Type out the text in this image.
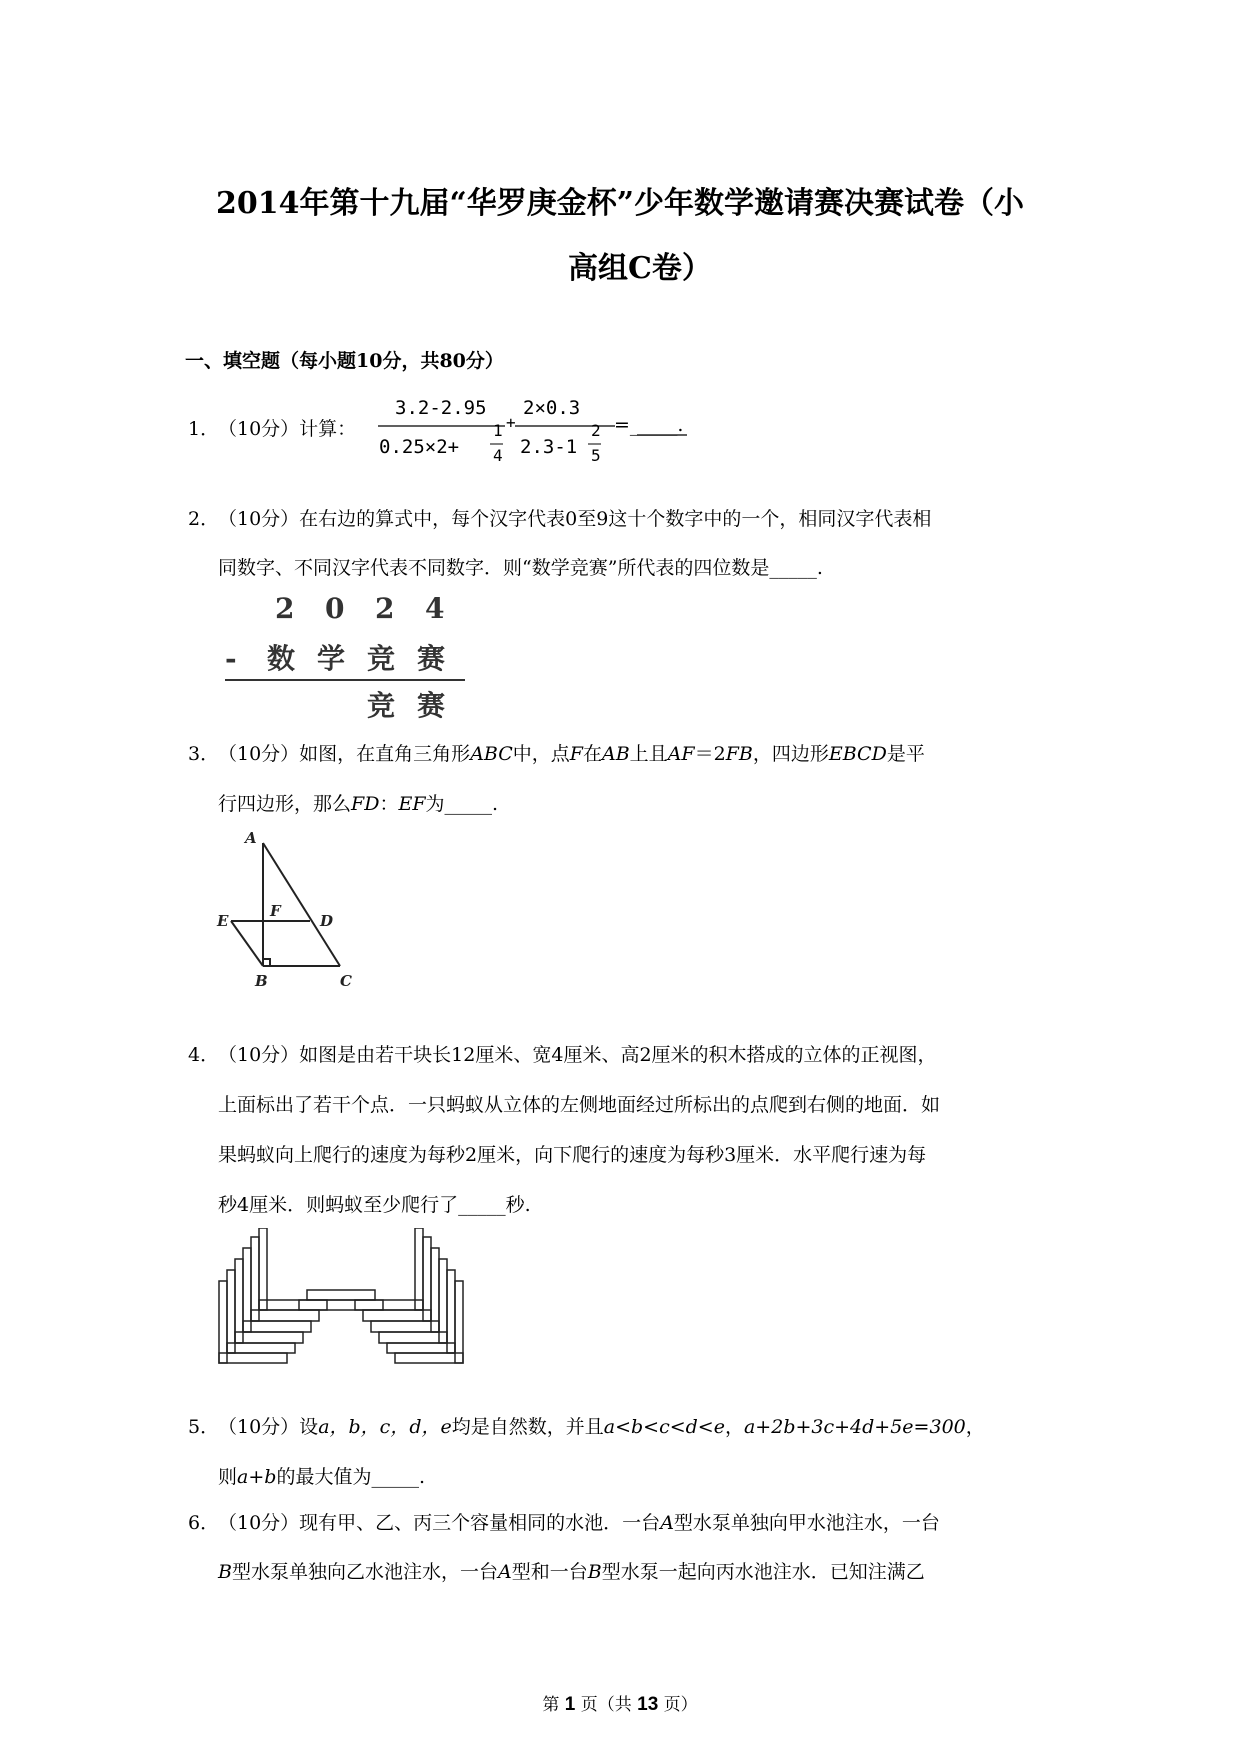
2014年第十九届“华罗庚金杯”少年数学邀请赛决赛试卷（小
高组C卷）
一、填空题（每小题10分，共80分）
1．
（10分）计算：
3.2-2.95
0.25×2+
1
4
+
2×0.3
2.3-1
2
5
=_____.
2．
（10分）在右边的算式中，每个汉字代表0至9这十个数字中的一个，相同汉字代表相
同数字、不同汉字代表不同数字．则“数学竞赛”所代表的四位数是_____.
2 0 2 4
- 数 学 竞 赛
竞 赛
3．
（10分）如图，在直角三角形ABC中，点F在AB上且AF＝2FB，四边形EBCD是平
行四边形，那么FD：EF为_____.
A
E
F
D
B	C
4．
（10分）如图是由若干块长12厘米、宽4厘米、高2厘米的积木搭成的立体的正视图，
上面标出了若干个点．一只蚂蚁从立体的左侧地面经过所标出的点爬到右侧的地面．如
果蚂蚁向上爬行的速度为每秒2厘米，向下爬行的速度为每秒3厘米．水平爬行速为每
秒4厘米．则蚂蚁至少爬行了_____秒.
5．
（10分）设a，b，c，d，e均是自然数，并且a<b<c<d<e，a+2b+3c+4d+5e=300，
则a+b的最大值为_____.
6．
（10分）现有甲、乙、丙三个容量相同的水池．一台A型水泵单独向甲水池注水，一台
B型水泵单独向乙水池注水，一台A型和一台B型水泵一起向丙水池注水．已知注满乙
第 1 页（共 13 页）
